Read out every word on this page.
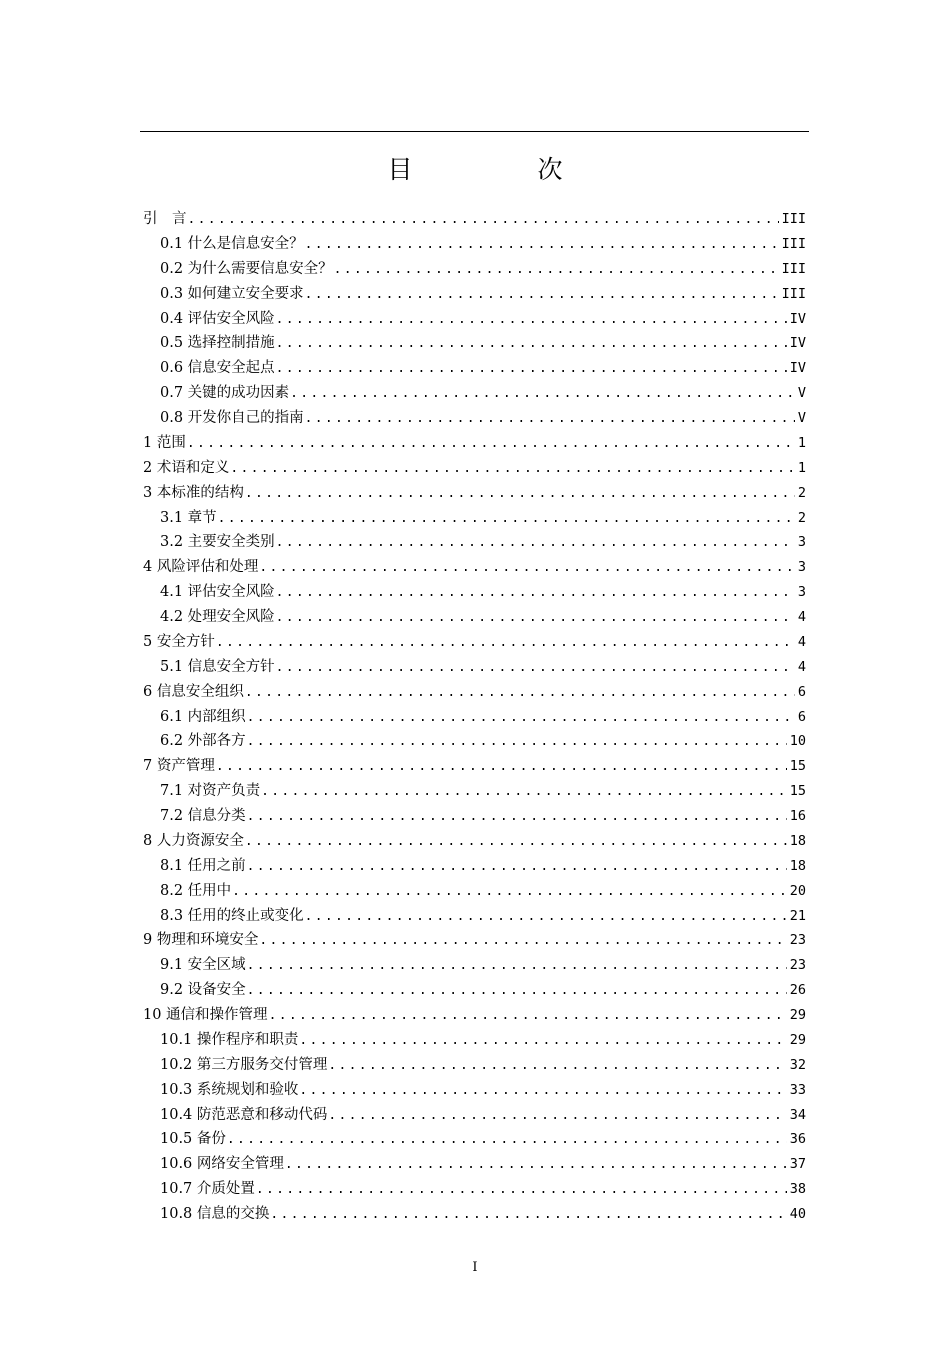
目　次
引　言 .....	III
0.1 什么是信息安全？ .....	III
0.2 为什么需要信息安全？ .....	III
0.3 如何建立安全要求 .....	III
0.4 评估安全风险 .....	IV
0.5 选择控制措施 .....	IV
0.6 信息安全起点 .....	IV
0.7 关键的成功因素 .....	V
0.8 开发你自己的指南 .....	V
1 范围 .....	1
2 术语和定义 .....	1
3 本标准的结构 .....	2
3.1 章节 .....	2
3.2 主要安全类别 .....	3
4 风险评估和处理 .....	3
4.1 评估安全风险 .....	3
4.2 处理安全风险 .....	4
5 安全方针 .....	4
5.1 信息安全方针 .....	4
6 信息安全组织 .....	6
6.1 内部组织 .....	6
6.2 外部各方 .....	10
7 资产管理 .....	15
7.1 对资产负责 .....	15
7.2 信息分类 .....	16
8 人力资源安全 .....	18
8.1 任用之前 .....	18
8.2 任用中 .....	20
8.3 任用的终止或变化 .....	21
9 物理和环境安全 .....	23
9.1 安全区域 .....	23
9.2 设备安全 .....	26
10 通信和操作管理 .....	29
10.1 操作程序和职责 .....	29
10.2 第三方服务交付管理 .....	32
10.3 系统规划和验收 .....	33
10.4 防范恶意和移动代码 .....	34
10.5 备份 .....	36
10.6 网络安全管理 .....	37
10.7 介质处置 .....	38
10.8 信息的交换 .....	40
I
